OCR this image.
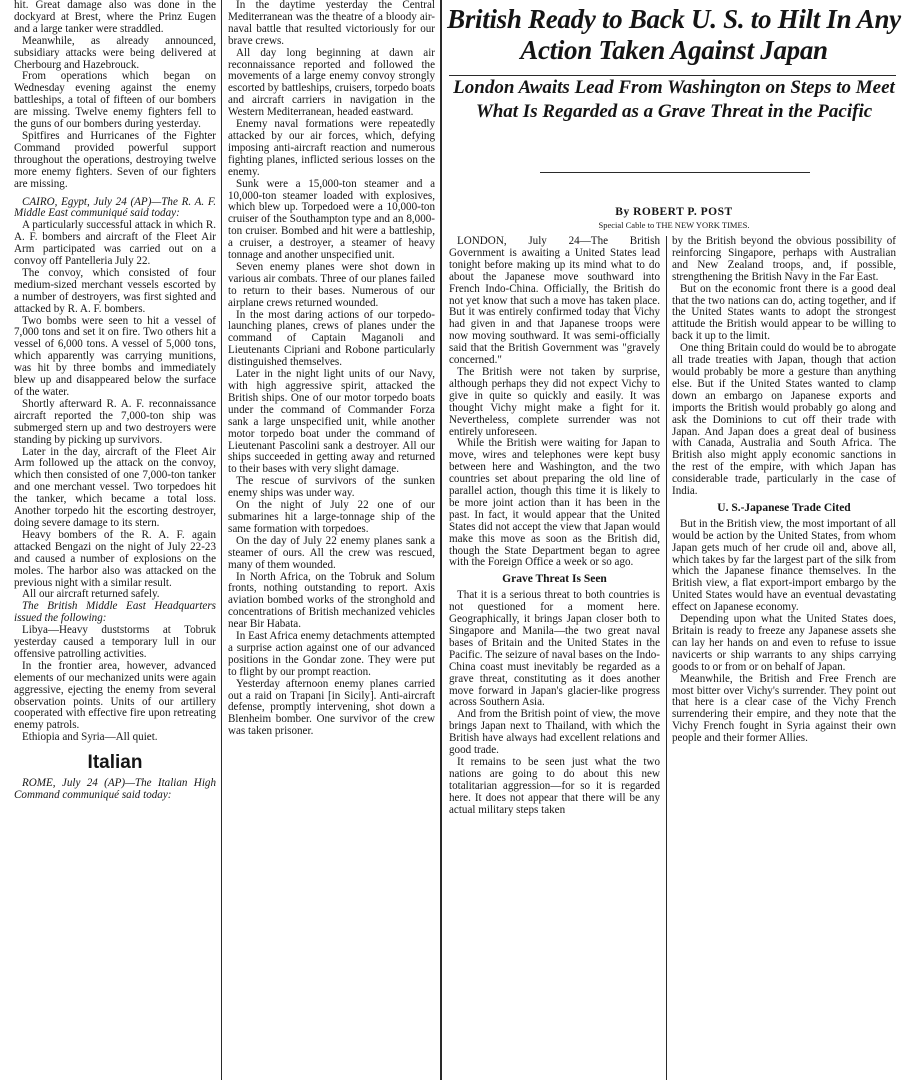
British Ready to Back U. S. to Hilt In Any Action Taken Against Japan
London Awaits Lead From Washington on Steps to Meet What Is Regarded as a Grave Threat in the Pacific
By ROBERT P. POST
Special Cable to THE NEW YORK TIMES.

hit. Great damage also was done in the dockyard at Brest, where the Prinz Eugen and a large tanker were straddled.

Meanwhile, as already announced, subsidiary attacks were being delivered at Cherbourg and Hazebrouck.

From operations which began on Wednesday evening against the enemy battleships, a total of fifteen of our bombers are missing. Twelve enemy fighters fell to the guns of our bombers during yesterday.

Spitfires and Hurricanes of the Fighter Command provided powerful support throughout the operations, destroying twelve more enemy fighters. Seven of our fighters are missing.

CAIRO, Egypt, July 24 (AP)—The R. A. F. Middle East communiqué said today:

A particularly successful attack in which R. A. F. bombers and aircraft of the Fleet Air Arm participated was carried out on a convoy off Pantelleria July 22.

The convoy, which consisted of four medium-sized merchant vessels escorted by a number of destroyers, was first sighted and attacked by R. A. F. bombers.

Two bombs were seen to hit a vessel of 7,000 tons and set it on fire. Two others hit a vessel of 6,000 tons. A vessel of 5,000 tons, which apparently was carrying munitions, was hit by three bombs and immediately blew up and disappeared below the surface of the water.

Shortly afterward R. A. F. reconnaissance aircraft reported the 7,000-ton ship was submerged stern up and two destroyers were standing by picking up survivors.

Later in the day, aircraft of the Fleet Air Arm followed up the attack on the convoy, which then consisted of one 7,000-ton tanker and one merchant vessel. Two torpedoes hit the tanker, which became a total loss. Another torpedo hit the escorting destroyer, doing severe damage to its stern.

Heavy bombers of the R. A. F. again attacked Bengazi on the night of July 22-23 and caused a number of explosions on the moles. The harbor also was attacked on the previous night with a similar result.

All our aircraft returned safely.

The British Middle East Headquarters issued the following:

Libya—Heavy duststorms at Tobruk yesterday caused a temporary lull in our offensive patrolling activities.

In the frontier area, however, advanced elements of our mechanized units were again aggressive, ejecting the enemy from several observation points. Units of our artillery cooperated with effective fire upon retreating enemy patrols.

Ethiopia and Syria—All quiet.

Italian

ROME, July 24 (AP)—The Italian High Command communiqué said today:

In the daytime yesterday the Central Mediterranean was the theatre of a bloody air-naval battle that resulted victoriously for our brave crews.

All day long beginning at dawn air reconnaissance reported and followed the movements of a large enemy convoy strongly escorted by battleships, cruisers, torpedo boats and aircraft carriers in navigation in the Western Mediterranean, headed eastward.

Enemy naval formations were repeatedly attacked by our air forces, which, defying imposing anti-aircraft reaction and numerous fighting planes, inflicted serious losses on the enemy.

Sunk were a 15,000-ton steamer and a 10,000-ton steamer loaded with explosives, which blew up. Torpedoed were a 10,000-ton cruiser of the Southampton type and an 8,000-ton cruiser. Bombed and hit were a battleship, a cruiser, a destroyer, a steamer of heavy tonnage and another unspecified unit.

Seven enemy planes were shot down in various air combats. Three of our planes failed to return to their bases. Numerous of our airplane crews returned wounded.

In the most daring actions of our torpedo-launching planes, crews of planes under the command of Captain Maganoli and Lieutenants Cipriani and Robone particularly distinguished themselves.

Later in the night light units of our Navy, with high aggressive spirit, attacked the British ships. One of our motor torpedo boats under the command of Commander Forza sank a large unspecified unit, while another motor torpedo boat under the command of Lieutenant Pascolini sank a destroyer. All our ships succeeded in getting away and returned to their bases with very slight damage.

The rescue of survivors of the sunken enemy ships was under way.

On the night of July 22 one of our submarines hit a large-tonnage ship of the same formation with torpedoes.

On the day of July 22 enemy planes sank a steamer of ours. All the crew was rescued, many of them wounded.

In North Africa, on the Tobruk and Solum fronts, nothing outstanding to report. Axis aviation bombed works of the stronghold and concentrations of British mechanized vehicles near Bir Habata.

In East Africa enemy detachments attempted a surprise action against one of our advanced positions in the Gondar zone. They were put to flight by our prompt reaction.

Yesterday afternoon enemy planes carried out a raid on Trapani [in Sicily]. Anti-aircraft defense, promptly intervening, shot down a Blenheim bomber. One survivor of the crew was taken prisoner.

LONDON, July 24—The British Government is awaiting a United States lead tonight before making up its mind what to do about the Japanese move southward into French Indo-China. Officially, the British do not yet know that such a move has taken place. But it was entirely confirmed today that Vichy had given in and that Japanese troops were now moving southward. It was semi-officially said that the British Government was "gravely concerned."

The British were not taken by surprise, although perhaps they did not expect Vichy to give in quite so quickly and easily. It was thought Vichy might make a fight for it. Nevertheless, complete surrender was not entirely unforeseen.

While the British were waiting for Japan to move, wires and telephones were kept busy between here and Washington, and the two countries set about preparing the old line of parallel action, though this time it is likely to be more joint action than it has been in the past. In fact, it would appear that the United States did not accept the view that Japan would make this move as soon as the British did, though the State Department began to agree with the Foreign Office a week or so ago.

Grave Threat Is Seen

That it is a serious threat to both countries is not questioned for a moment here. Geographically, it brings Japan closer both to Singapore and Manila—the two great naval bases of Britain and the United States in the Pacific. The seizure of naval bases on the Indo-China coast must inevitably be regarded as a grave threat, constituting as it does another move forward in Japan's glacier-like progress across Southern Asia.

And from the British point of view, the move brings Japan next to Thailand, with which the British have always had excellent relations and good trade.

It remains to be seen just what the two nations are going to do about this new totalitarian aggression—for so it is regarded here. It does not appear that there will be any actual military steps taken

by the British beyond the obvious possibility of reinforcing Singapore, perhaps with Australian and New Zealand troops, and, if possible, strengthening the British Navy in the Far East.

But on the economic front there is a good deal that the two nations can do, acting together, and if the United States wants to adopt the strongest attitude the British would appear to be willing to back it up to the limit.

One thing Britain could do would be to abrogate all trade treaties with Japan, though that action would probably be more a gesture than anything else. But if the United States wanted to clamp down an embargo on Japanese exports and imports the British would probably go along and ask the Dominions to cut off their trade with Japan. And Japan does a great deal of business with Canada, Australia and South Africa. The British also might apply economic sanctions in the rest of the empire, with which Japan has considerable trade, particularly in the case of India.

U. S.-Japanese Trade Cited

But in the British view, the most important of all would be action by the United States, from whom Japan gets much of her crude oil and, above all, which takes by far the largest part of the silk from which the Japanese finance themselves. In the British view, a flat export-import embargo by the United States would have an eventual devastating effect on Japanese economy.

Depending upon what the United States does, Britain is ready to freeze any Japanese assets she can lay her hands on and even to refuse to issue navicerts or ship warrants to any ships carrying goods to or from or on behalf of Japan.

Meanwhile, the British and Free French are most bitter over Vichy's surrender. They point out that here is a clear case of the Vichy French surrendering their empire, and they note that the Vichy French fought in Syria against their own people and their former Allies.
